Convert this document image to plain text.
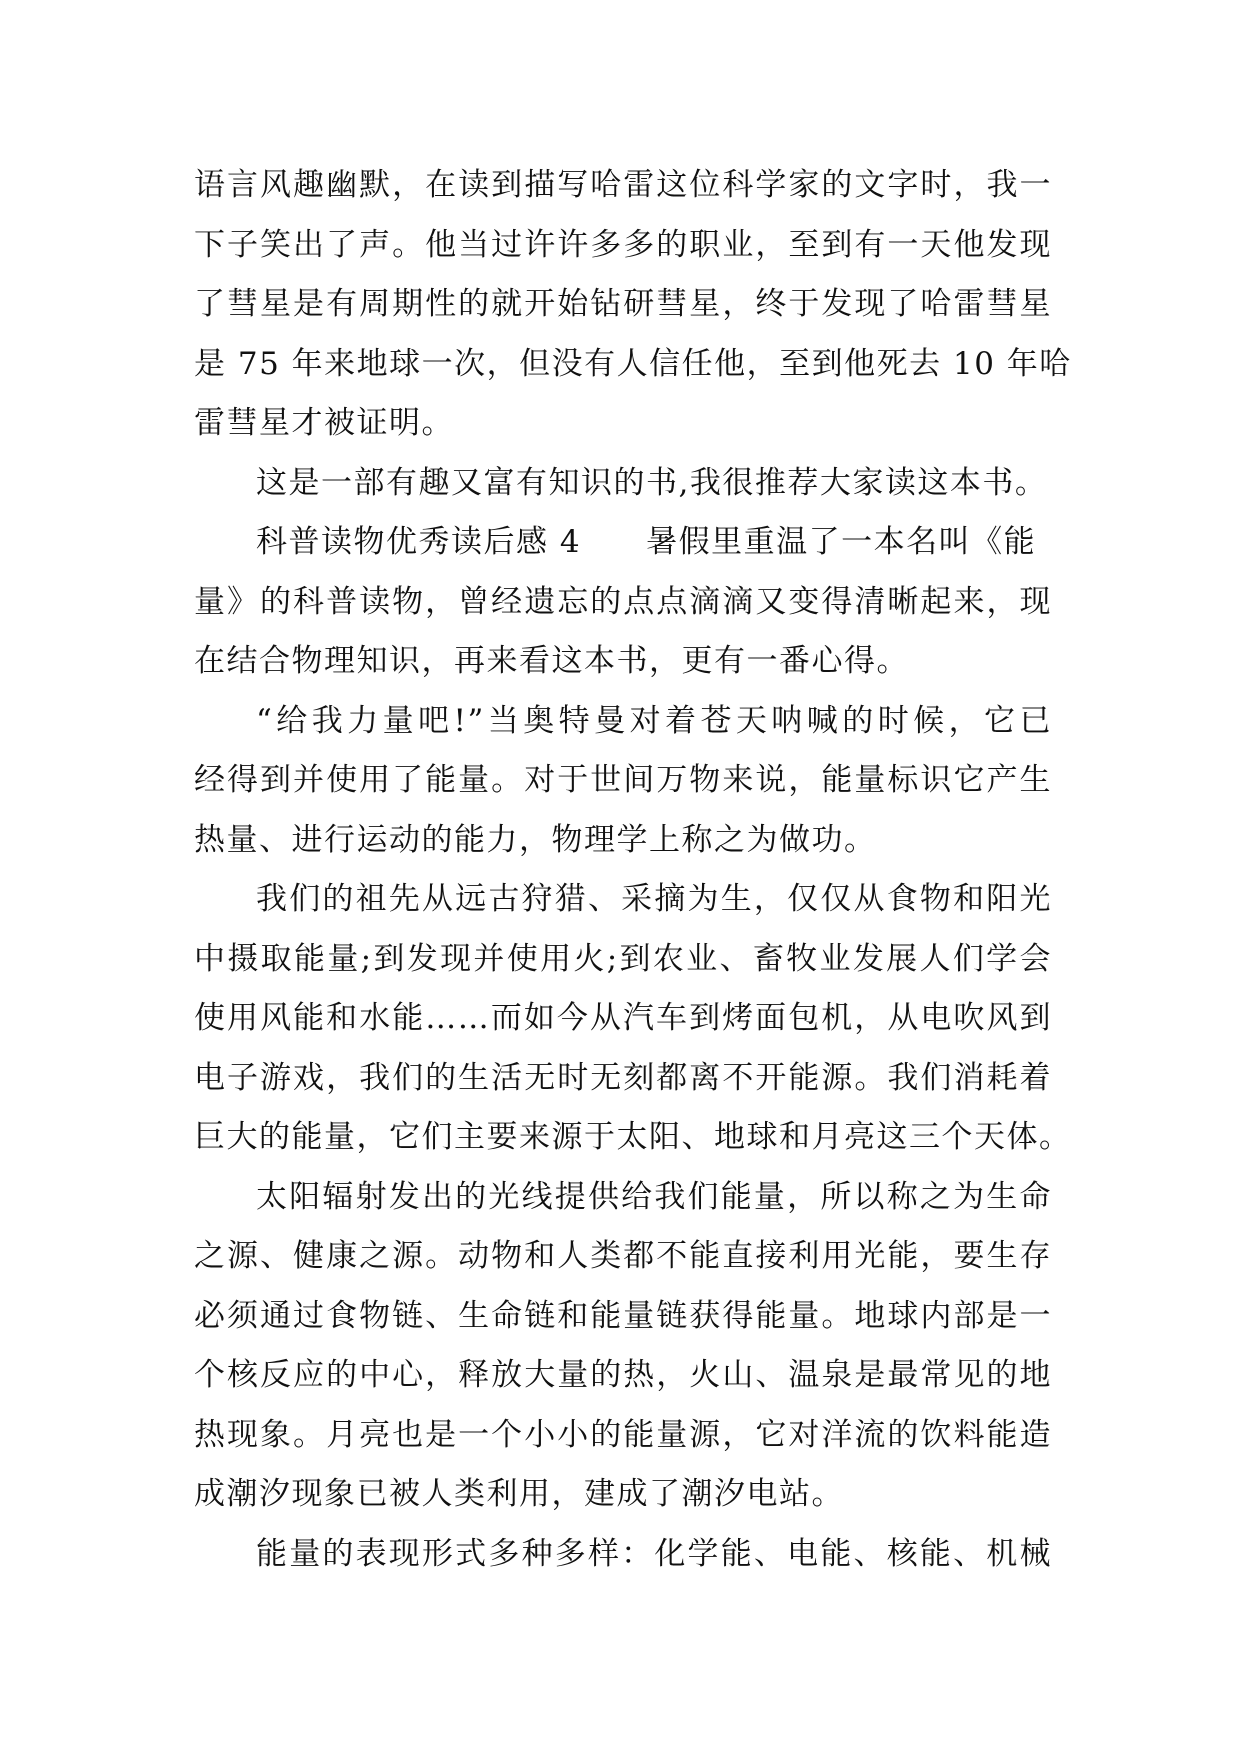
语言风趣幽默，在读到描写哈雷这位科学家的文字时，我一
下子笑出了声。他当过许许多多的职业，至到有一天他发现
了彗星是有周期性的就开始钻研彗星，终于发现了哈雷彗星
是 75 年来地球一次，但没有人信任他，至到他死去 10 年哈
雷彗星才被证明。
这是一部有趣又富有知识的书,我很推荐大家读这本书。
科普读物优秀读后感 4　　暑假里重温了一本名叫《能
量》的科普读物，曾经遗忘的点点滴滴又变得清晰起来，现
在结合物理知识，再来看这本书，更有一番心得。
“给我力量吧!”当奥特曼对着苍天呐喊的时候，它已
经得到并使用了能量。对于世间万物来说，能量标识它产生
热量、进行运动的能力，物理学上称之为做功。
我们的祖先从远古狩猎、采摘为生，仅仅从食物和阳光
中摄取能量;到发现并使用火;到农业、畜牧业发展人们学会
使用风能和水能……而如今从汽车到烤面包机，从电吹风到
电子游戏，我们的生活无时无刻都离不开能源。我们消耗着
巨大的能量，它们主要来源于太阳、地球和月亮这三个天体。
太阳辐射发出的光线提供给我们能量，所以称之为生命
之源、健康之源。动物和人类都不能直接利用光能，要生存
必须通过食物链、生命链和能量链获得能量。地球内部是一
个核反应的中心，释放大量的热，火山、温泉是最常见的地
热现象。月亮也是一个小小的能量源，它对洋流的饮料能造
成潮汐现象已被人类利用，建成了潮汐电站。
能量的表现形式多种多样：化学能、电能、核能、机械
